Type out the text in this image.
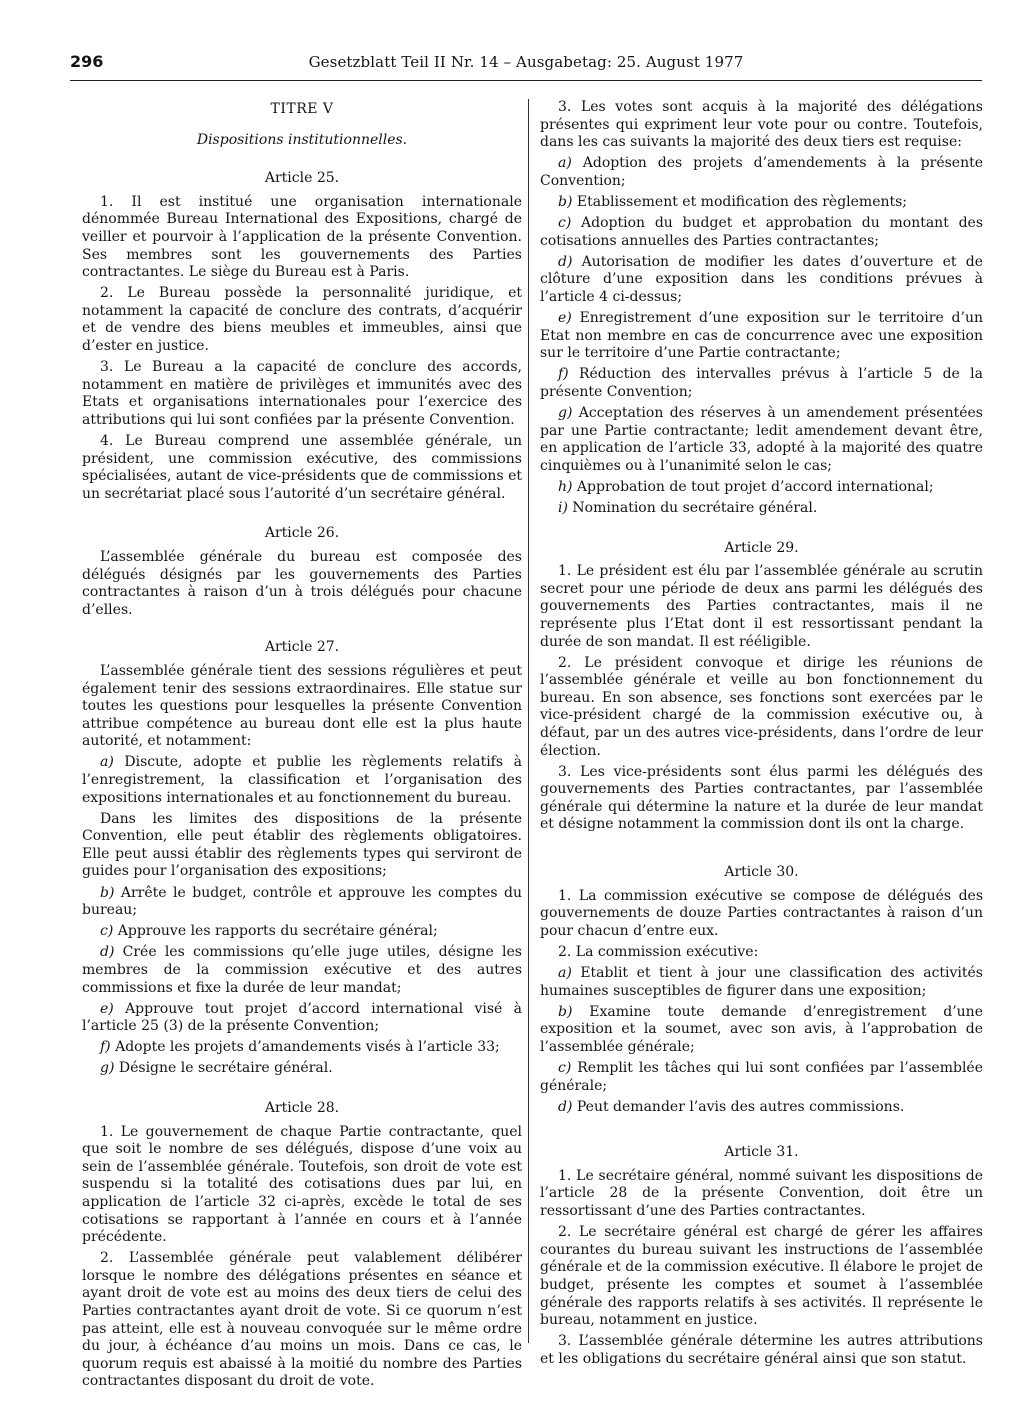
296	Gesetzblatt Teil II Nr. 14 – Ausgabetag: 25. August 1977
TITRE V
Dispositions institutionnelles.
Article 25.

1. Il est institué une organisation internationale dénommée Bureau International des Expositions, chargé de veiller et pourvoir à l’application de la présente Convention. Ses membres sont les gouvernements des Parties contractantes. Le siège du Bureau est à Paris.

2. Le Bureau possède la personnalité juridique, et notamment la capacité de conclure des contrats, d’acquérir et de vendre des biens meubles et immeubles, ainsi que d’ester en justice.

3. Le Bureau a la capacité de conclure des accords, notamment en matière de privilèges et immunités avec des Etats et organisations internationales pour l’exercice des attributions qui lui sont confiées par la présente Convention.

4. Le Bureau comprend une assemblée générale, un président, une commission exécutive, des commissions spécialisées, autant de vice-présidents que de commissions et un secrétariat placé sous l’autorité d’un secrétaire général.

Article 26.

L’assemblée générale du bureau est composée des délégués désignés par les gouvernements des Parties contractantes à raison d’un à trois délégués pour chacune d’elles.

Article 27.

L’assemblée générale tient des sessions régulières et peut également tenir des sessions extraordinaires. Elle statue sur toutes les questions pour lesquelles la présente Convention attribue compétence au bureau dont elle est la plus haute autorité, et notamment:

a) Discute, adopte et publie les règlements relatifs à l’enregistrement, la classification et l’organisation des expositions internationales et au fonctionnement du bureau.

Dans les limites des dispositions de la présente Convention, elle peut établir des règlements obligatoires. Elle peut aussi établir des règlements types qui serviront de guides pour l’organisation des expositions;

b) Arrête le budget, contrôle et approuve les comptes du bureau;

c) Approuve les rapports du secrétaire général;

d) Crée les commissions qu’elle juge utiles, désigne les membres de la commission exécutive et des autres commissions et fixe la durée de leur mandat;

e) Approuve tout projet d’accord international visé à l’article 25 (3) de la présente Convention;

f) Adopte les projets d’amandements visés à l’article 33;

g) Désigne le secrétaire général.

Article 28.

1. Le gouvernement de chaque Partie contractante, quel que soit le nombre de ses délégués, dispose d’une voix au sein de l’assemblée générale. Toutefois, son droit de vote est suspendu si la totalité des cotisations dues par lui, en application de l’article 32 ci-après, excède le total de ses cotisations se rapportant à l’année en cours et à l’année précédente.

2. L’assemblée générale peut valablement délibérer lorsque le nombre des délégations présentes en séance et ayant droit de vote est au moins des deux tiers de celui des Parties contractantes ayant droit de vote. Si ce quorum n’est pas atteint, elle est à nouveau convoquée sur le même ordre du jour, à échéance d’au moins un mois. Dans ce cas, le quorum requis est abaissé à la moitié du nombre des Parties contractantes disposant du droit de vote.

3. Les votes sont acquis à la majorité des délégations présentes qui expriment leur vote pour ou contre. Toutefois, dans les cas suivants la majorité des deux tiers est requise:

a) Adoption des projets d’amendements à la présente Convention;

b) Etablissement et modification des règlements;

c) Adoption du budget et approbation du montant des cotisations annuelles des Parties contractantes;

d) Autorisation de modifier les dates d’ouverture et de clôture d’une exposition dans les conditions prévues à l’article 4 ci-dessus;

e) Enregistrement d’une exposition sur le territoire d’un Etat non membre en cas de concurrence avec une exposition sur le territoire d’une Partie contractante;

f) Réduction des intervalles prévus à l’article 5 de la présente Convention;

g) Acceptation des réserves à un amendement présentées par une Partie contractante; ledit amendement devant être, en application de l’article 33, adopté à la majorité des quatre cinquièmes ou à l’unanimité selon le cas;

h) Approbation de tout projet d’accord international;

i) Nomination du secrétaire général.

Article 29.

1. Le président est élu par l’assemblée générale au scrutin secret pour une période de deux ans parmi les délégués des gouvernements des Parties contractantes, mais il ne représente plus l’Etat dont il est ressortissant pendant la durée de son mandat. Il est rééligible.

2. Le président convoque et dirige les réunions de l’assemblée générale et veille au bon fonctionnement du bureau. En son absence, ses fonctions sont exercées par le vice-président chargé de la commission exécutive ou, à défaut, par un des autres vice-présidents, dans l’ordre de leur élection.

3. Les vice-présidents sont élus parmi les délégués des gouvernements des Parties contractantes, par l’assemblée générale qui détermine la nature et la durée de leur mandat et désigne notamment la commission dont ils ont la charge.

Article 30.

1. La commission exécutive se compose de délégués des gouvernements de douze Parties contractantes à raison d’un pour chacun d’entre eux.

2. La commission exécutive:

a) Etablit et tient à jour une classification des activités humaines susceptibles de figurer dans une exposition;

b) Examine toute demande d’enregistrement d’une exposition et la soumet, avec son avis, à l’approbation de l’assemblée générale;

c) Remplit les tâches qui lui sont confiées par l’assemblée générale;

d) Peut demander l’avis des autres commissions.

Article 31.

1. Le secrétaire général, nommé suivant les dispositions de l’article 28 de la présente Convention, doit être un ressortissant d’une des Parties contractantes.

2. Le secrétaire général est chargé de gérer les affaires courantes du bureau suivant les instructions de l’assemblée générale et de la commission exécutive. Il élabore le projet de budget, présente les comptes et soumet à l’assemblée générale des rapports relatifs à ses activités. Il représente le bureau, notamment en justice.

3. L’assemblée générale détermine les autres attributions et les obligations du secrétaire général ainsi que son statut.
